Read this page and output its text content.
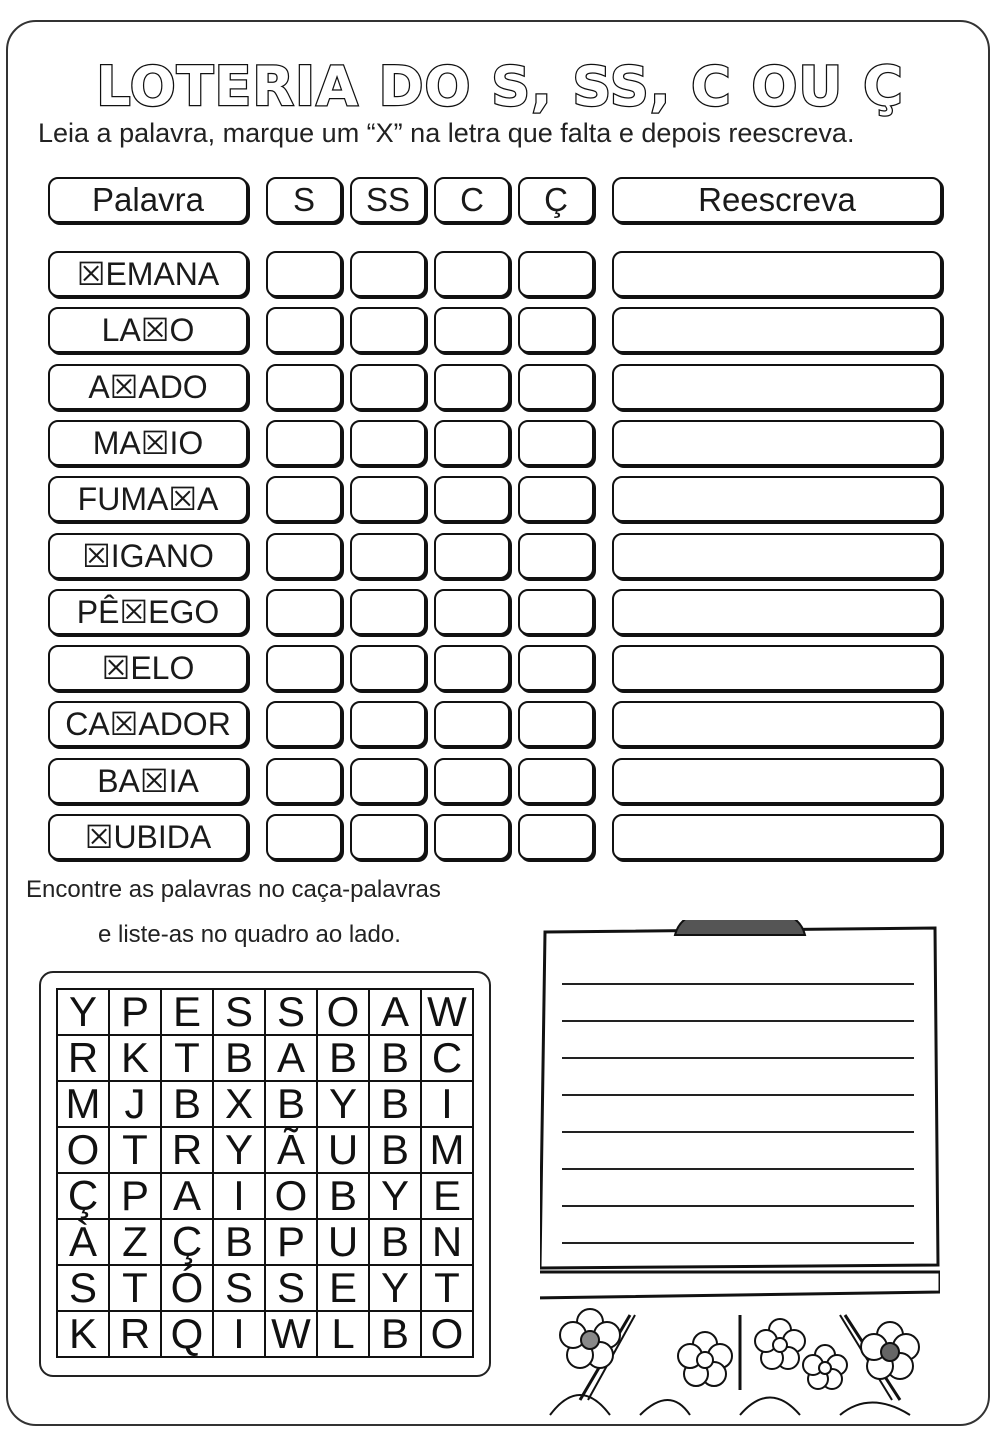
LOTERIA DO S, SS, C OU Ç
Leia a palavra, marque um “X” na letra que falta e depois reescreva.
Palavra	S	SS	C	Ç	Reescreva
☒EMANA
LA☒O
A☒ADO
MA☒IO
FUMA☒A
☒IGANO
PÊ☒EGO
☒ELO
CA☒ADOR
BA☒IA
☒UBIDA
Encontre as palavras no caça-palavras
e liste-as no quadro ao lado.
Y P E S S O A W
R K T B A B B C
M J B X B Y B I
O T R Y Ã U B M
Ç P A I O B Y E
À Z Ç B P U B N
S T Ó S S E Y T
K R Q I W L B O
